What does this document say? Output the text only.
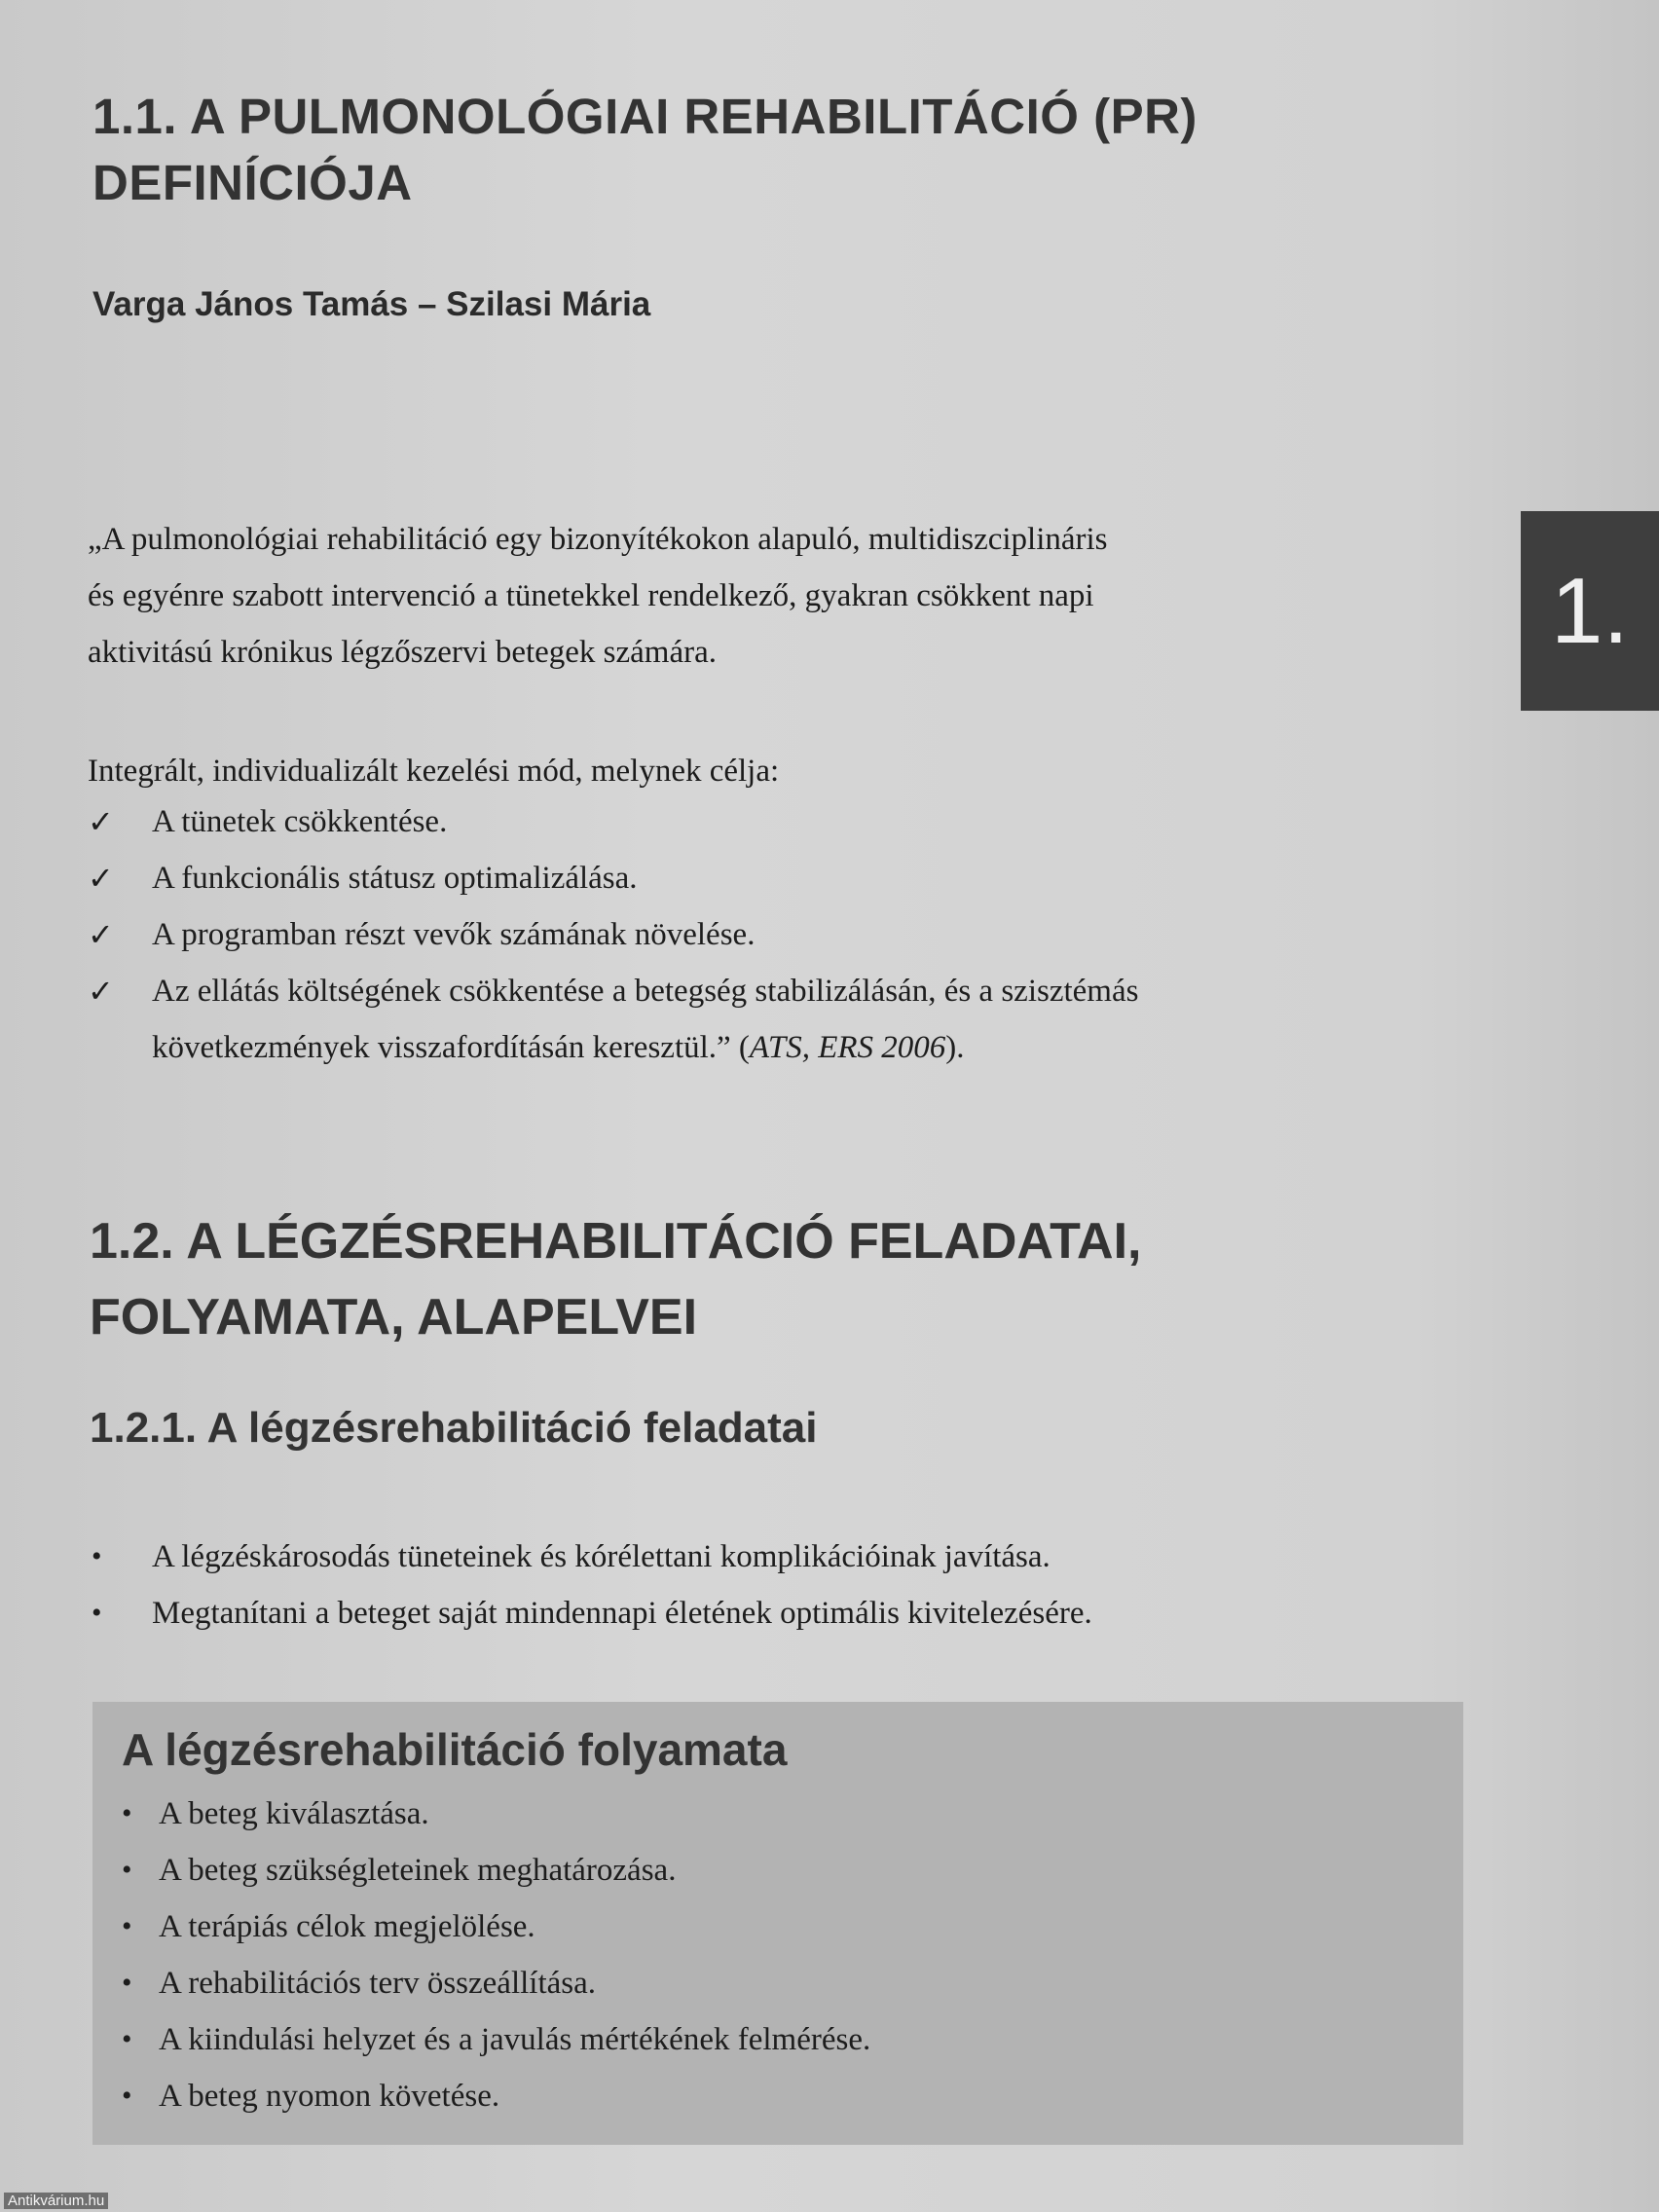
1.1. A PULMONOLÓGIAI REHABILITÁCIÓ (PR)
DEFINÍCIÓJA

Varga János Tamás – Szilasi Mária

„A pulmonológiai rehabilitáció egy bizonyítékokon alapuló, multidiszciplináris
és egyénre szabott intervenció a tünetekkel rendelkező, gyakran csökkent napi
aktivitású krónikus légzőszervi betegek számára.

Integrált, individualizált kezelési mód, melynek célja:

✓	A tünetek csökkentése.
✓	A funkcionális státusz optimalizálása.
✓	A programban részt vevők számának növelése.
✓	Az ellátás költségének csökkentése a betegség stabilizálásán, és a szisztémás
következmények visszafordításán keresztül.” (ATS, ERS 2006).
1.
1.2. A LÉGZÉSREHABILITÁCIÓ FELADATAI,
FOLYAMATA, ALAPELVEI
1.2.1. A légzésrehabilitáció feladatai
• A légzéskárosodás tüneteinek és kórélettani komplikációinak javítása.
• Megtanítani a beteget saját mindennapi életének optimális kivitelezésére.

A légzésrehabilitáció folyamata

• A beteg kiválasztása.
• A beteg szükségleteinek meghatározása.
• A terápiás célok megjelölése.
• A rehabilitációs terv összeállítása.
• A kiindulási helyzet és a javulás mértékének felmérése.
• A beteg nyomon követése.
Antikvárium.hu
